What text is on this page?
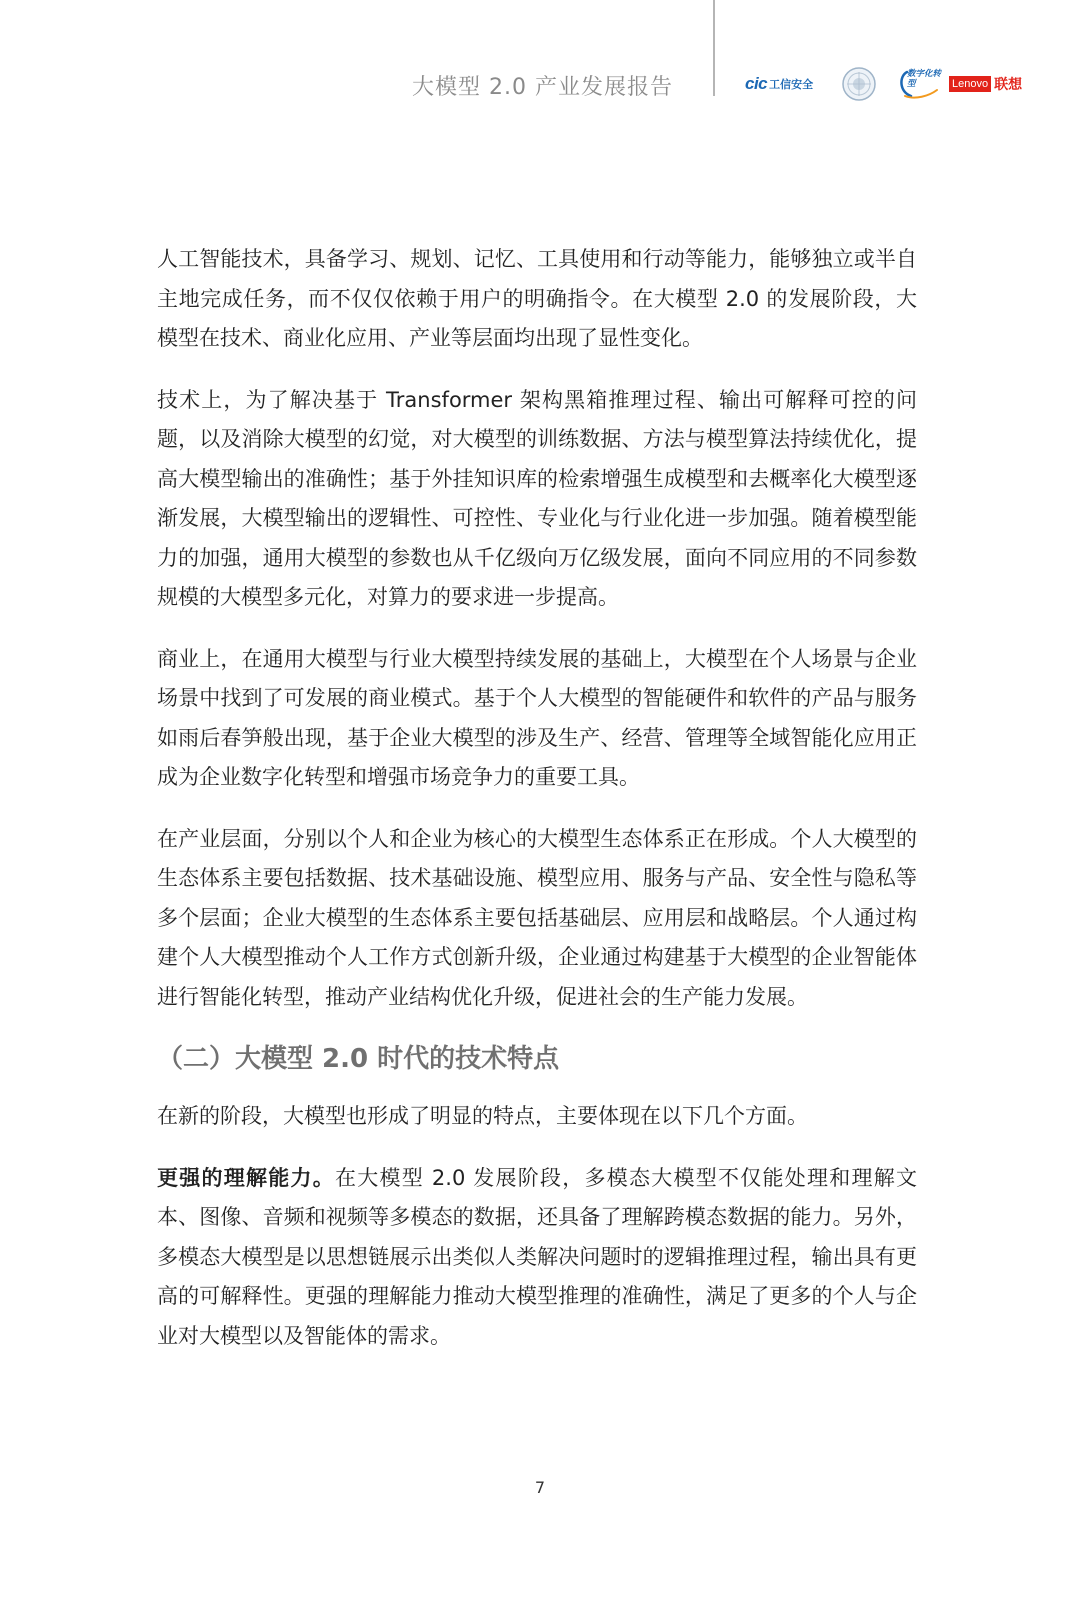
大模型 2.0 产业发展报告	cic 工信安全
数字化转型	Lenovo 联想

人工智能技术，具备学习、规划、记忆、工具使用和行动等能力，能够独立或半自主地完成任务，而不仅仅依赖于用户的明确指令。在大模型 2.0 的发展阶段，大模型在技术、商业化应用、产业等层面均出现了显性变化。

技术上，为了解决基于 Transformer 架构黑箱推理过程、输出可解释可控的问题，以及消除大模型的幻觉，对大模型的训练数据、方法与模型算法持续优化，提高大模型输出的准确性；基于外挂知识库的检索增强生成模型和去概率化大模型逐渐发展，大模型输出的逻辑性、可控性、专业化与行业化进一步加强。随着模型能力的加强，通用大模型的参数也从千亿级向万亿级发展，面向不同应用的不同参数规模的大模型多元化，对算力的要求进一步提高。

商业上，在通用大模型与行业大模型持续发展的基础上，大模型在个人场景与企业场景中找到了可发展的商业模式。基于个人大模型的智能硬件和软件的产品与服务如雨后春笋般出现，基于企业大模型的涉及生产、经营、管理等全域智能化应用正成为企业数字化转型和增强市场竞争力的重要工具。

在产业层面，分别以个人和企业为核心的大模型生态体系正在形成。个人大模型的生态体系主要包括数据、技术基础设施、模型应用、服务与产品、安全性与隐私等多个层面；企业大模型的生态体系主要包括基础层、应用层和战略层。个人通过构建个人大模型推动个人工作方式创新升级，企业通过构建基于大模型的企业智能体进行智能化转型，推动产业结构优化升级，促进社会的生产能力发展。

（二）大模型 2.0 时代的技术特点

在新的阶段，大模型也形成了明显的特点，主要体现在以下几个方面。

更强的理解能力。在大模型 2.0 发展阶段，多模态大模型不仅能处理和理解文本、图像、音频和视频等多模态的数据，还具备了理解跨模态数据的能力。另外，多模态大模型是以思想链展示出类似人类解决问题时的逻辑推理过程，输出具有更高的可解释性。更强的理解能力推动大模型推理的准确性，满足了更多的个人与企业对大模型以及智能体的需求。

7
